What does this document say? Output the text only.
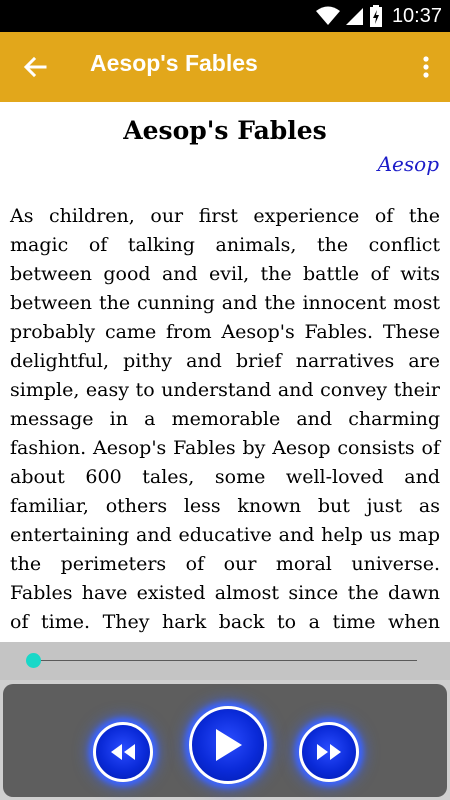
10:37
Aesop's Fables
Aesop's Fables
Aesop
As children, our first experience of the magic of talking animals, the conflict between good and evil, the battle of wits between the cunning and the innocent most probably came from Aesop's Fables. These delightful, pithy and brief narratives are simple, easy to understand and convey their message in a memorable and charming fashion. Aesop's Fables by Aesop consists of about 600 tales, some well-loved and familiar, others less known but just as entertaining and educative and help us map the perimeters of our moral universe. Fables have existed almost since the dawn of time. They hark back to a time when
